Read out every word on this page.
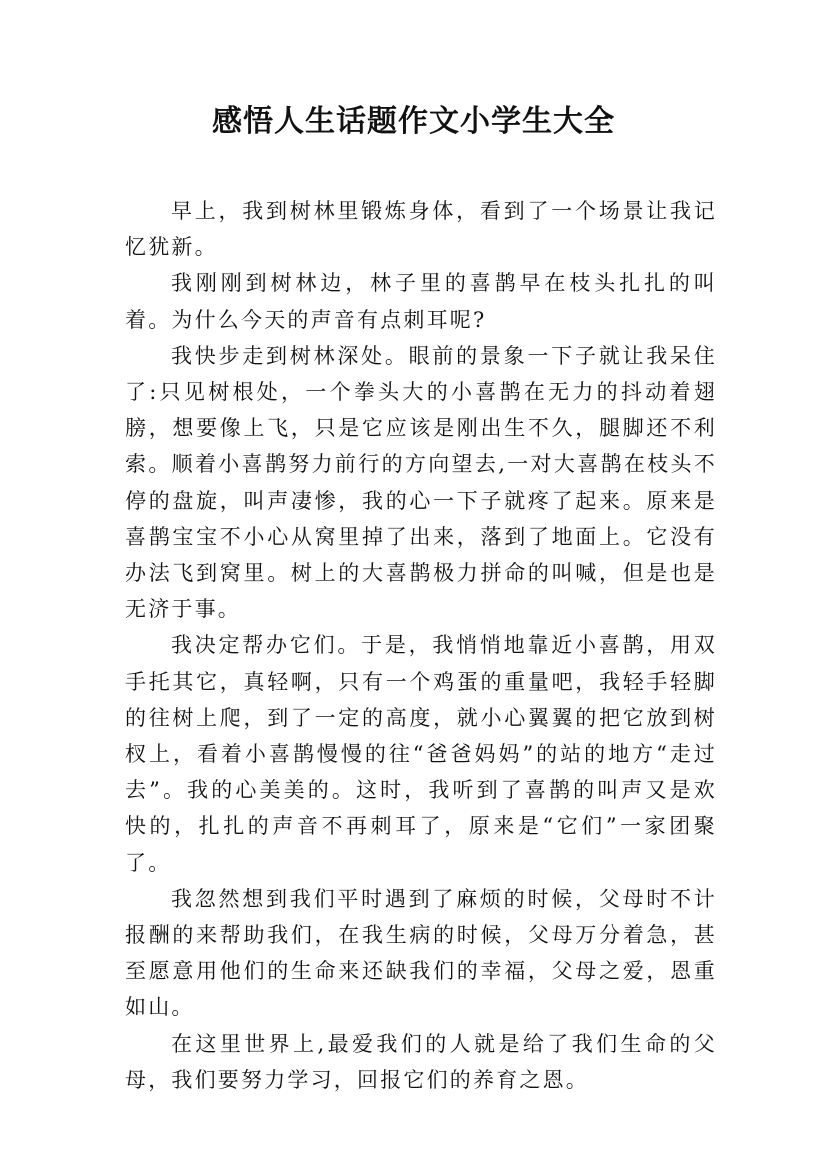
感悟人生话题作文小学生大全

早上，我到树林里锻炼身体，看到了一个场景让我记忆犹新。

我刚刚到树林边，林子里的喜鹊早在枝头扎扎的叫着。为什么今天的声音有点刺耳呢?

我快步走到树林深处。眼前的景象一下子就让我呆住了:只见树根处，一个拳头大的小喜鹊在无力的抖动着翅膀，想要像上飞，只是它应该是刚出生不久，腿脚还不利索。顺着小喜鹊努力前行的方向望去,一对大喜鹊在枝头不停的盘旋，叫声凄惨，我的心一下子就疼了起来。原来是喜鹊宝宝不小心从窝里掉了出来，落到了地面上。它没有办法飞到窝里。树上的大喜鹊极力拼命的叫喊，但是也是无济于事。

我决定帮办它们。于是，我悄悄地靠近小喜鹊，用双手托其它，真轻啊，只有一个鸡蛋的重量吧，我轻手轻脚的往树上爬，到了一定的高度，就小心翼翼的把它放到树杈上，看着小喜鹊慢慢的往“爸爸妈妈”的站的地方“走过去”。我的心美美的。这时，我听到了喜鹊的叫声又是欢快的，扎扎的声音不再刺耳了，原来是“它们”一家团聚了。

我忽然想到我们平时遇到了麻烦的时候，父母时不计报酬的来帮助我们，在我生病的时候，父母万分着急，甚至愿意用他们的生命来还缺我们的幸福，父母之爱，恩重如山。

在这里世界上,最爱我们的人就是给了我们生命的父母，我们要努力学习，回报它们的养育之恩。
